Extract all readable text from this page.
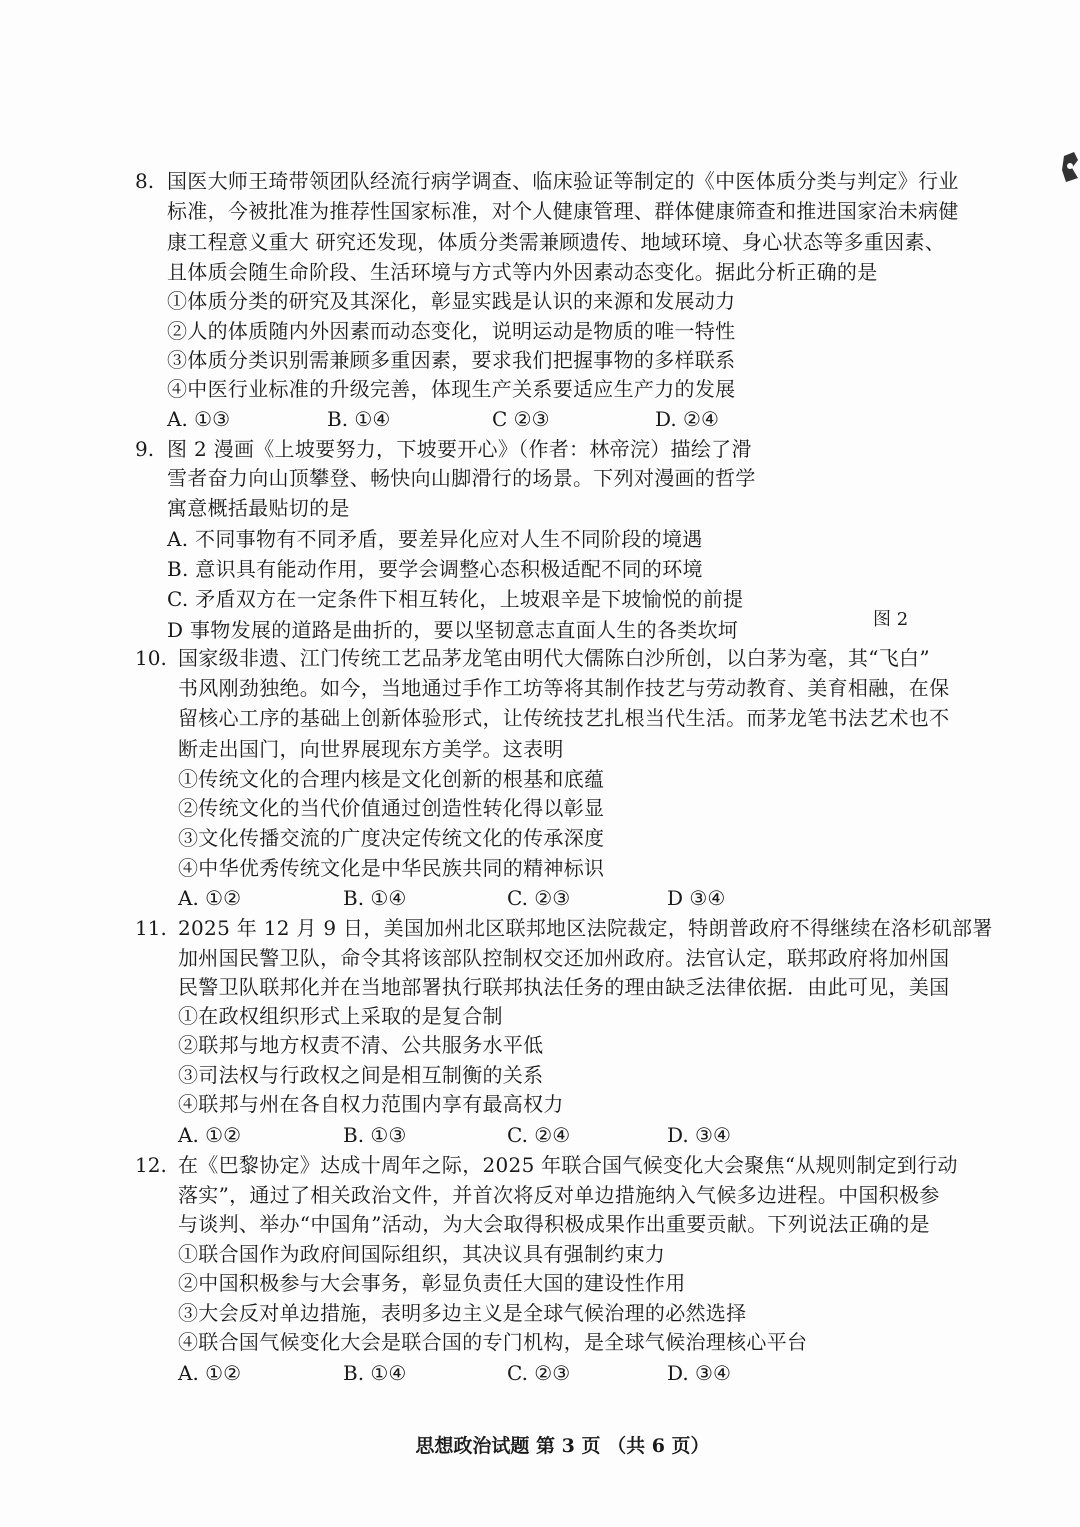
8. 国医大师王琦带领团队经流行病学调查、临床验证等制定的《中医体质分类与判定》行业
标准，今被批准为推荐性国家标准，对个人健康管理、群体健康筛查和推进国家治未病健
康工程意义重大 研究还发现，体质分类需兼顾遗传、地域环境、身心状态等多重因素、
且体质会随生命阶段、生活环境与方式等内外因素动态变化。据此分析正确的是
①体质分类的研究及其深化，彰显实践是认识的来源和发展动力
②人的体质随内外因素而动态变化，说明运动是物质的唯一特性
③体质分类识别需兼顾多重因素，要求我们把握事物的多样联系
④中医行业标准的升级完善，体现生产关系要适应生产力的发展
A. ①③	B. ①④	C ②③	D. ②④
9. 图 2 漫画《上坡要努力，下坡要开心》（作者：林帝浣）描绘了滑
雪者奋力向山顶攀登、畅快向山脚滑行的场景。下列对漫画的哲学
寓意概括最贴切的是
A. 不同事物有不同矛盾，要差异化应对人生不同阶段的境遇
B. 意识具有能动作用，要学会调整心态积极适配不同的环境
C. 矛盾双方在一定条件下相互转化，上坡艰辛是下坡愉悦的前提
D 事物发展的道路是曲折的，要以坚韧意志直面人生的各类坎坷
10. 国家级非遗、江门传统工艺品茅龙笔由明代大儒陈白沙所创，以白茅为毫，其“飞白”
书风刚劲独绝。如今，当地通过手作工坊等将其制作技艺与劳动教育、美育相融，在保
留核心工序的基础上创新体验形式，让传统技艺扎根当代生活。而茅龙笔书法艺术也不
断走出国门，向世界展现东方美学。这表明
①传统文化的合理内核是文化创新的根基和底蕴
②传统文化的当代价值通过创造性转化得以彰显
③文化传播交流的广度决定传统文化的传承深度
④中华优秀传统文化是中华民族共同的精神标识
A. ①②	B. ①④	C. ②③	D ③④
11. 2025 年 12 月 9 日，美国加州北区联邦地区法院裁定，特朗普政府不得继续在洛杉矶部署
加州国民警卫队，命令其将该部队控制权交还加州政府。法官认定，联邦政府将加州国
民警卫队联邦化并在当地部署执行联邦执法任务的理由缺乏法律依据．由此可见，美国
①在政权组织形式上采取的是复合制
②联邦与地方权责不清、公共服务水平低
③司法权与行政权之间是相互制衡的关系
④联邦与州在各自权力范围内享有最高权力
A. ①②	B. ①③	C. ②④	D. ③④
12. 在《巴黎协定》达成十周年之际，2025 年联合国气候变化大会聚焦“从规则制定到行动
落实”，通过了相关政治文件，并首次将反对单边措施纳入气候多边进程。中国积极参
与谈判、举办“中国角”活动，为大会取得积极成果作出重要贡献。下列说法正确的是
①联合国作为政府间国际组织，其决议具有强制约束力
②中国积极参与大会事务，彰显负责任大国的建设性作用
③大会反对单边措施，表明多边主义是全球气候治理的必然选择
④联合国气候变化大会是联合国的专门机构，是全球气候治理核心平台
A. ①②	B. ①④	C. ②③	D. ③④
图 2
思想政治试题 第 3 页 （共 6 页）
